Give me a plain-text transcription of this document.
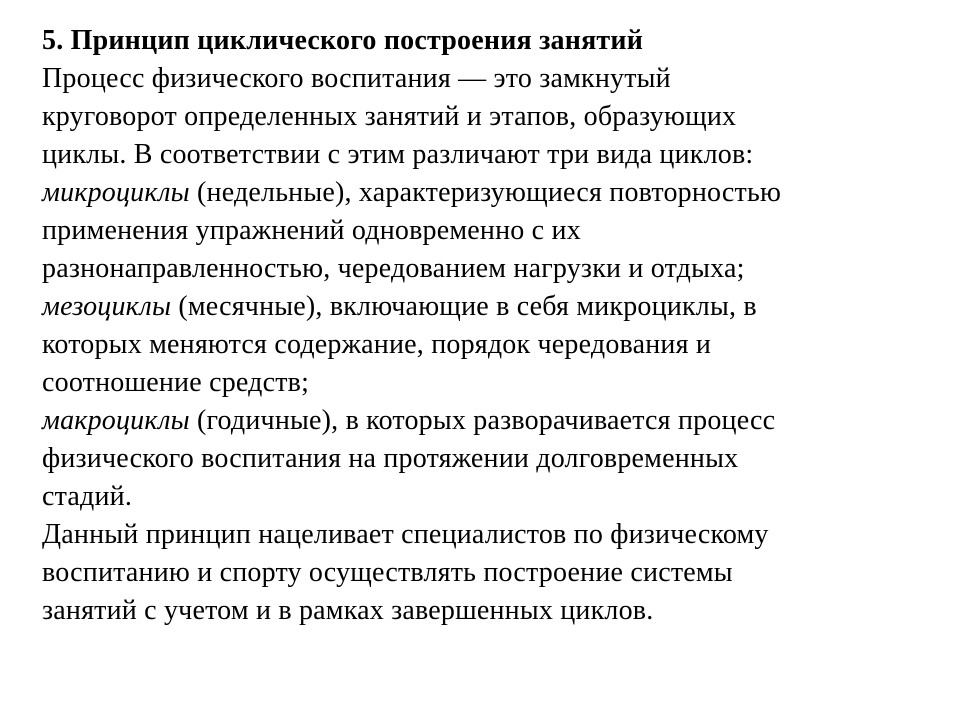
5. Принцип циклического построения занятий
Процесс физического воспитания — это замкнутый
круговорот определенных занятий и этапов, образующих
циклы. В соответствии с этим различают три вида циклов:
микроциклы (недельные), характеризующиеся повторностью
применения упражнений одновременно с их
разнонаправленностью, чередованием нагрузки и отдыха;
мезоциклы (месячные), включающие в себя микроциклы, в
которых меняются содержание, порядок чередования и
соотношение средств;
макроциклы (годичные), в которых разворачивается процесс
физического воспитания на протяжении долговременных
стадий.
Данный принцип нацеливает специалистов по физическому
воспитанию и спорту осуществлять построение системы
занятий с учетом и в рамках завершенных циклов.
